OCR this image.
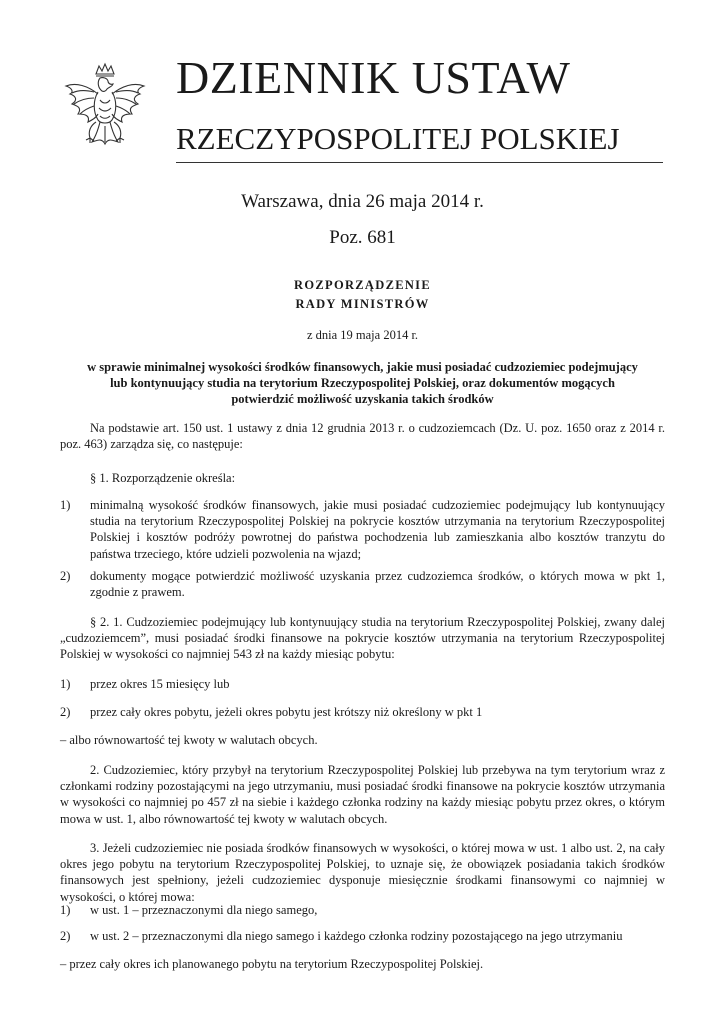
DZIENNIK USTAW
RZECZYPOSPOLITEJ POLSKIEJ
Warszawa, dnia 26 maja 2014 r.
Poz. 681
ROZPORZĄDZENIE
RADY MINISTRÓW
z dnia 19 maja 2014 r.
w sprawie minimalnej wysokości środków finansowych, jakie musi posiadać cudzoziemiec podejmujący
lub kontynuujący studia na terytorium Rzeczypospolitej Polskiej, oraz dokumentów mogących
potwierdzić możliwość uzyskania takich środków
Na podstawie art. 150 ust. 1 ustawy z dnia 12 grudnia 2013 r. o cudzoziemcach (Dz. U. poz. 1650 oraz z 2014 r. poz. 463) zarządza się, co następuje:
§ 1. Rozporządzenie określa:
1) minimalną wysokość środków finansowych, jakie musi posiadać cudzoziemiec podejmujący lub kontynuujący studia na terytorium Rzeczypospolitej Polskiej na pokrycie kosztów utrzymania na terytorium Rzeczypospolitej Polskiej i kosztów podróży powrotnej do państwa pochodzenia lub zamieszkania albo kosztów tranzytu do państwa trzeciego, które udzieli pozwolenia na wjazd;
2) dokumenty mogące potwierdzić możliwość uzyskania przez cudzoziemca środków, o których mowa w pkt 1, zgodnie z prawem.
§ 2. 1. Cudzoziemiec podejmujący lub kontynuujący studia na terytorium Rzeczypospolitej Polskiej, zwany dalej „cudzoziemcem”, musi posiadać środki finansowe na pokrycie kosztów utrzymania na terytorium Rzeczypospolitej Polskiej w wysokości co najmniej 543 zł na każdy miesiąc pobytu:
1) przez okres 15 miesięcy lub
2) przez cały okres pobytu, jeżeli okres pobytu jest krótszy niż określony w pkt 1
– albo równowartość tej kwoty w walutach obcych.
2. Cudzoziemiec, który przybył na terytorium Rzeczypospolitej Polskiej lub przebywa na tym terytorium wraz z członkami rodziny pozostającymi na jego utrzymaniu, musi posiadać środki finansowe na pokrycie kosztów utrzymania w wysokości co najmniej po 457 zł na siebie i każdego członka rodziny na każdy miesiąc pobytu przez okres, o którym mowa w ust. 1, albo równowartość tej kwoty w walutach obcych.
3. Jeżeli cudzoziemiec nie posiada środków finansowych w wysokości, o której mowa w ust. 1 albo ust. 2, na cały okres jego pobytu na terytorium Rzeczypospolitej Polskiej, to uznaje się, że obowiązek posiadania takich środków finansowych jest spełniony, jeżeli cudzoziemiec dysponuje miesięcznie środkami finansowymi co najmniej w wysokości, o której mowa:
1) w ust. 1 – przeznaczonymi dla niego samego,
2) w ust. 2 – przeznaczonymi dla niego samego i każdego członka rodziny pozostającego na jego utrzymaniu
– przez cały okres ich planowanego pobytu na terytorium Rzeczypospolitej Polskiej.
